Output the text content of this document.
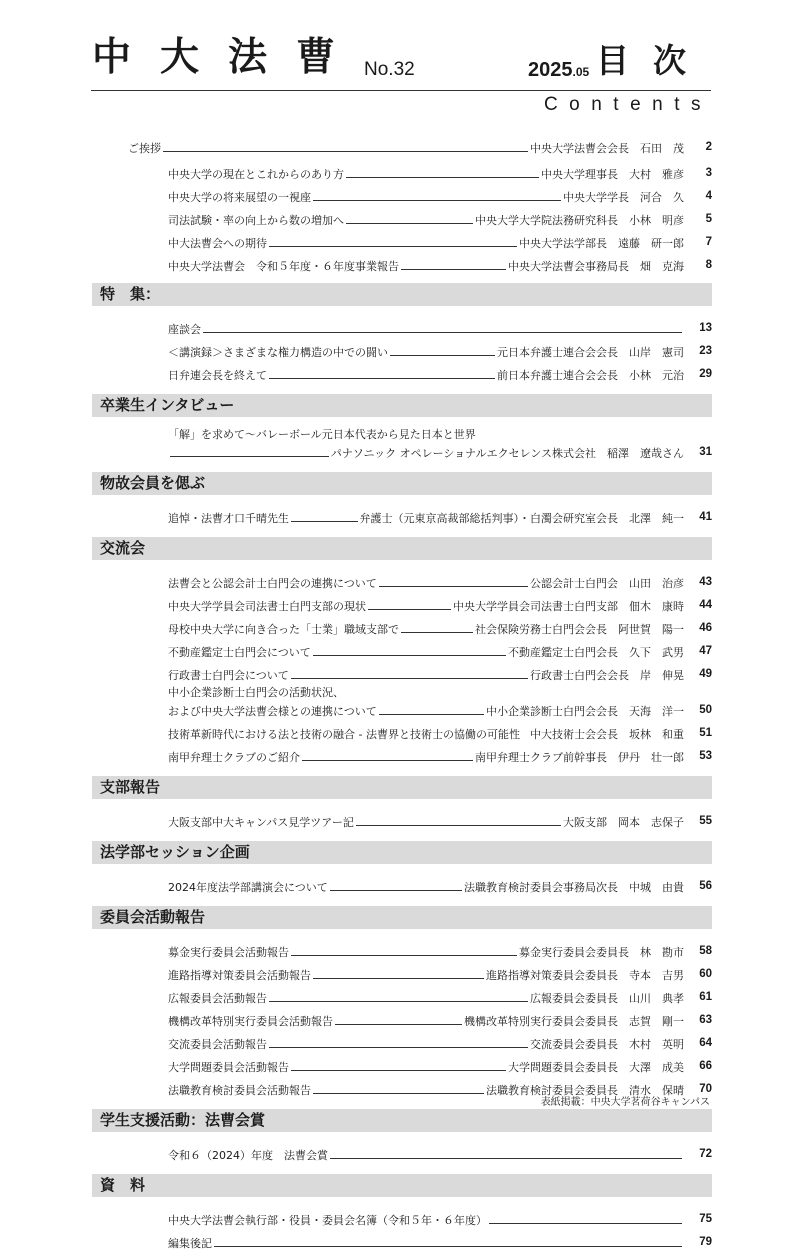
中大法曹 No.32	2025.05 目次
Contents
ご挨拶	中央大学法曹会会長　石田　茂	2
中央大学の現在とこれからのあり方	中央大学理事長　大村　雅彦	3
中央大学の将来展望の一視座	中央大学学長　河合　久	4
司法試験・率の向上から数の増加へ	中央大学大学院法務研究科長　小林　明彦	5
中大法曹会への期待	中央大学法学部長　遠藤　研一郎	7
中央大学法曹会　令和５年度・６年度事業報告	中央大学法曹会事務局長　畑　克海	8
特　集：
座談会	13
＜講演録＞さまざまな権力構造の中での闘い	元日本弁護士連合会会長　山岸　憲司	23
日弁連会長を終えて	前日本弁護士連合会会長　小林　元治	29
卒業生インタビュー
「解」を求めて～バレーボール元日本代表から見た日本と世界
パナソニック オペレーショナルエクセレンス株式会社　稲澤　遼哉さん	31
物故会員を偲ぶ
追悼・法曹才口千晴先生	弁護士（元東京高裁部総括判事）・白濁会研究室会長　北澤　純一	41
交流会
法曹会と公認会計士白門会の連携について	公認会計士白門会　山田　治彦	43
中央大学学員会司法書士白門支部の現状	中央大学学員会司法書士白門支部　佃木　康時	44
母校中央大学に向き合った「士業」職域支部で	社会保険労務士白門会会長　阿世賀　陽一	46
不動産鑑定士白門会について	不動産鑑定士白門会長　久下　武男	47
行政書士白門会について	行政書士白門会会長　岸　伸晃	49
中小企業診断士白門会の活動状況、
および中央大学法曹会様との連携について	中小企業診断士白門会会長　天海　洋一	50
技術革新時代における法と技術の融合 - 法曹界と技術士の協働の可能性 中大技術士会会長　坂林　和重	51
南甲弁理士クラブのご紹介	南甲弁理士クラブ前幹事長　伊丹　壮一郎	53
支部報告
大阪支部中大キャンパス見学ツアー記	大阪支部　岡本　志保子	55
法学部セッション企画
2024年度法学部講演会について	法職教育検討委員会事務局次長　中城　由貴	56
委員会活動報告
募金実行委員会活動報告	募金実行委員会委員長　林　勘市	58
進路指導対策委員会活動報告	進路指導対策委員会委員長　寺本　吉男	60
広報委員会活動報告	広報委員会委員長　山川　典孝	61
機構改革特別実行委員会活動報告	機構改革特別実行委員会委員長　志賀　剛一	63
交流委員会活動報告	交流委員会委員長　木村　英明	64
大学問題委員会活動報告	大学問題委員会委員長　大澤　成美	66
法職教育検討委員会活動報告	法職教育検討委員会委員長　清水　保晴	70
学生支援活動：法曹会賞
令和６（2024）年度　法曹会賞	72
資　料
中央大学法曹会執行部・役員・委員会名簿（令和５年・６年度）	75
編集後記	79
表紙掲載：中央大学茗荷谷キャンパス
